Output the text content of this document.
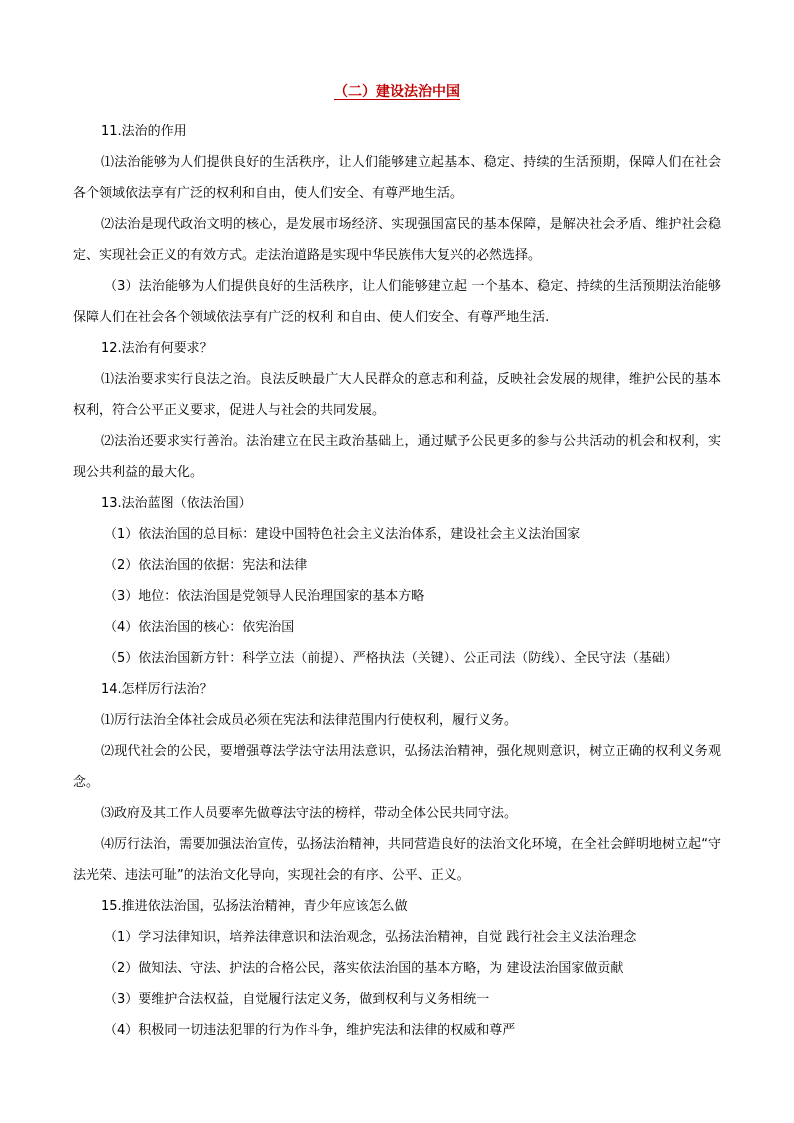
（二）建设法治中国

11.法治的作用

⑴法治能够为人们提供良好的生活秩序，让人们能够建立起基本、稳定、持续的生活预期，保障人们在社会各个领域依法享有广泛的权利和自由，使人们安全、有尊严地生活。

⑵法治是现代政治文明的核心，是发展市场经济、实现强国富民的基本保障，是解决社会矛盾、维护社会稳定、实现社会正义的有效方式。走法治道路是实现中华民族伟大复兴的必然选择。

（3）法治能够为人们提供良好的生活秩序，让人们能够建立起 一个基本、稳定、持续的生活预期法治能够保障人们在社会各个领域依法享有广泛的权利 和自由、使人们安全、有尊严地生活.

12.法治有何要求？

⑴法治要求实行良法之治。良法反映最广大人民群众的意志和利益，反映社会发展的规律，维护公民的基本权利，符合公平正义要求，促进人与社会的共同发展。

⑵法治还要求实行善治。法治建立在民主政治基础上，通过赋予公民更多的参与公共活动的机会和权利，实现公共利益的最大化。

13.法治蓝图（依法治国）

（1）依法治国的总目标：建设中国特色社会主义法治体系，建设社会主义法治国家

（2）依法治国的依据：宪法和法律

（3）地位：依法治国是党领导人民治理国家的基本方略

（4）依法治国的核心：依宪治国

（5）依法治国新方针：科学立法（前提）、严格执法（关键）、公正司法（防线）、全民守法（基础）

14.怎样厉行法治？

⑴厉行法治全体社会成员必须在宪法和法律范围内行使权利，履行义务。

⑵现代社会的公民，要增强尊法学法守法用法意识，弘扬法治精神，强化规则意识，树立正确的权利义务观念。

⑶政府及其工作人员要率先做尊法守法的榜样，带动全体公民共同守法。

⑷厉行法治，需要加强法治宣传，弘扬法治精神，共同营造良好的法治文化环境，在全社会鲜明地树立起“守法光荣、违法可耻”的法治文化导向，实现社会的有序、公平、正义。

15.推进依法治国，弘扬法治精神，青少年应该怎么做

（1）学习法律知识，培养法律意识和法治观念，弘扬法治精神，自觉 践行社会主义法治理念

（2）做知法、守法、护法的合格公民，落实依法治国的基本方略，为 建设法治国家做贡献

（3）要维护合法权益，自觉履行法定义务，做到权利与义务相统一

（4）积极同一切违法犯罪的行为作斗争，维护宪法和法律的权威和尊严
